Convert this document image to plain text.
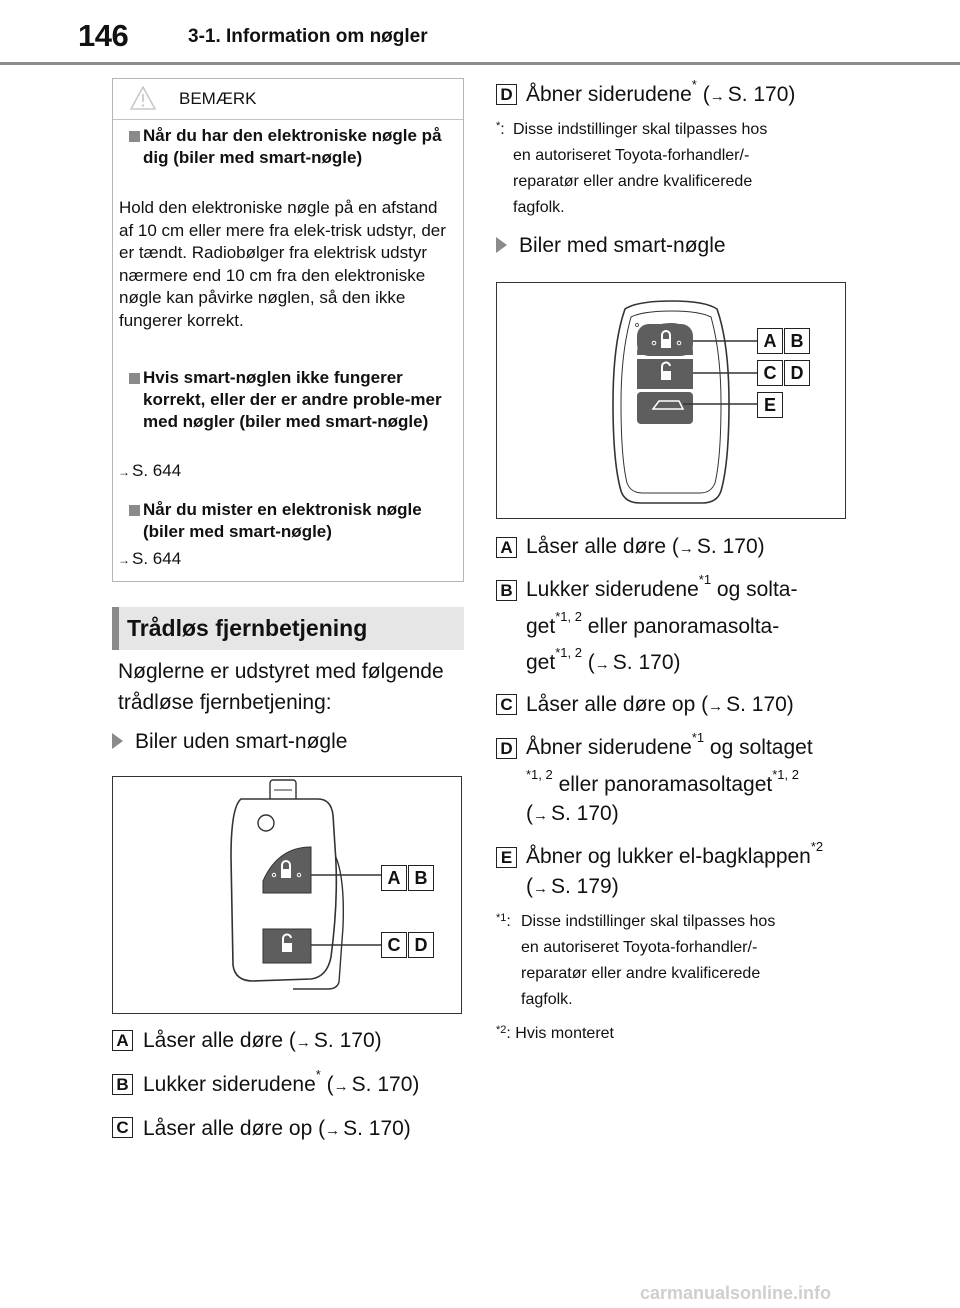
146	3-1. Information om nøgler
BEMÆRK
Når du har den elektroniske nøgle på dig (biler med smart-nøgle)
Hold den elektroniske nøgle på en afstand af 10 cm eller mere fra elek-trisk udstyr, der er tændt. Radiobølger fra elektrisk udstyr nærmere end 10 cm fra den elektroniske nøgle kan påvirke nøglen, så den ikke fungerer korrekt.
Hvis smart-nøglen ikke fungerer korrekt, eller der er andre proble-mer med nøgler (biler med smart-nøgle)
→ S. 644
Når du mister en elektronisk nøgle (biler med smart-nøgle)
→ S. 644
Trådløs fjernbetjening
Nøglerne er udstyret med følgende
trådløse fjernbetjening:
Biler uden smart-nøgle
A B
C D
A Låser alle døre (→ S. 170)
B Lukker siderudene* (→ S. 170)
C Låser alle døre op (→ S. 170)
D Åbner siderudene* (→ S. 170)
*: Disse indstillinger skal tilpasses hos
en autoriseret Toyota-forhandler/-
reparatør eller andre kvalificerede
fagfolk.
Biler med smart-nøgle
A B
C D
E
A Låser alle døre (→ S. 170)
B Lukker siderudene$^{*1}$ og solta-
get$^{*1, 2}$ eller panoramasolta-
get$^{*1, 2}$ (→ S. 170)
C Låser alle døre op (→ S. 170)
D Åbner siderudene$^{*1}$ og soltaget
$^{*1, 2}$ eller panoramasoltaget$^{*1, 2}$
(→ S. 170)
E Åbner og lukker el-bagklappen$^{*2}$
(→ S. 179)
$^{*1}$: Disse indstillinger skal tilpasses hos
en autoriseret Toyota-forhandler/-
reparatør eller andre kvalificerede
fagfolk.
$^{*2}$: Hvis monteret
carmanualsonline.info
